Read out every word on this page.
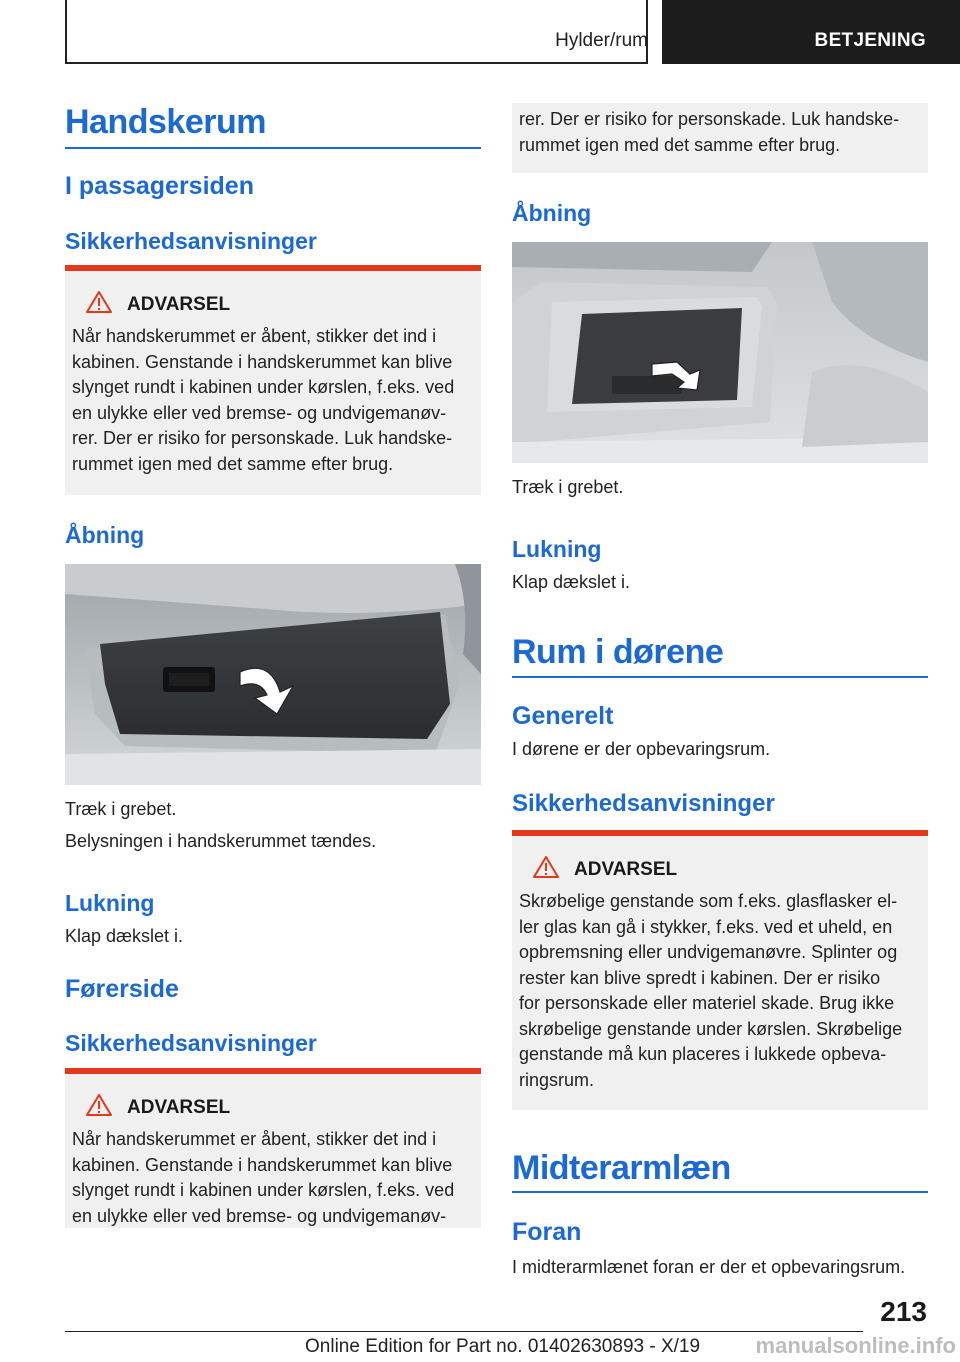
Hylder/rum	BETJENING
Handskerum
I passagersiden
Sikkerhedsanvisninger
ADVARSEL
Når handskerummet er åbent, stikker det ind i
kabinen. Genstande i handskerummet kan blive
slynget rundt i kabinen under kørslen, f.eks. ved
en ulykke eller ved bremse- og undvigemanøv-
rer. Der er risiko for personskade. Luk handske-
rummet igen med det samme efter brug.
Åbning
Træk i grebet.
Belysningen i handskerummet tændes.
Lukning
Klap dækslet i.
Førerside
Sikkerhedsanvisninger
ADVARSEL
Når handskerummet er åbent, stikker det ind i
kabinen. Genstande i handskerummet kan blive
slynget rundt i kabinen under kørslen, f.eks. ved
en ulykke eller ved bremse- og undvigemanøv-
rer. Der er risiko for personskade. Luk handske-
rummet igen med det samme efter brug.
Åbning
Træk i grebet.
Lukning
Klap dækslet i.
Rum i dørene
Generelt
I dørene er der opbevaringsrum.
Sikkerhedsanvisninger
ADVARSEL
Skrøbelige genstande som f.eks. glasflasker el-
ler glas kan gå i stykker, f.eks. ved et uheld, en
opbremsning eller undvigemanøvre. Splinter og
rester kan blive spredt i kabinen. Der er risiko
for personskade eller materiel skade. Brug ikke
skrøbelige genstande under kørslen. Skrøbelige
genstande må kun placeres i lukkede opbeva-
ringsrum.
Midterarmlæn
Foran
I midterarmlænet foran er der et opbevaringsrum.
213
Online Edition for Part no. 01402630893 - X/19	manualsonline.info
